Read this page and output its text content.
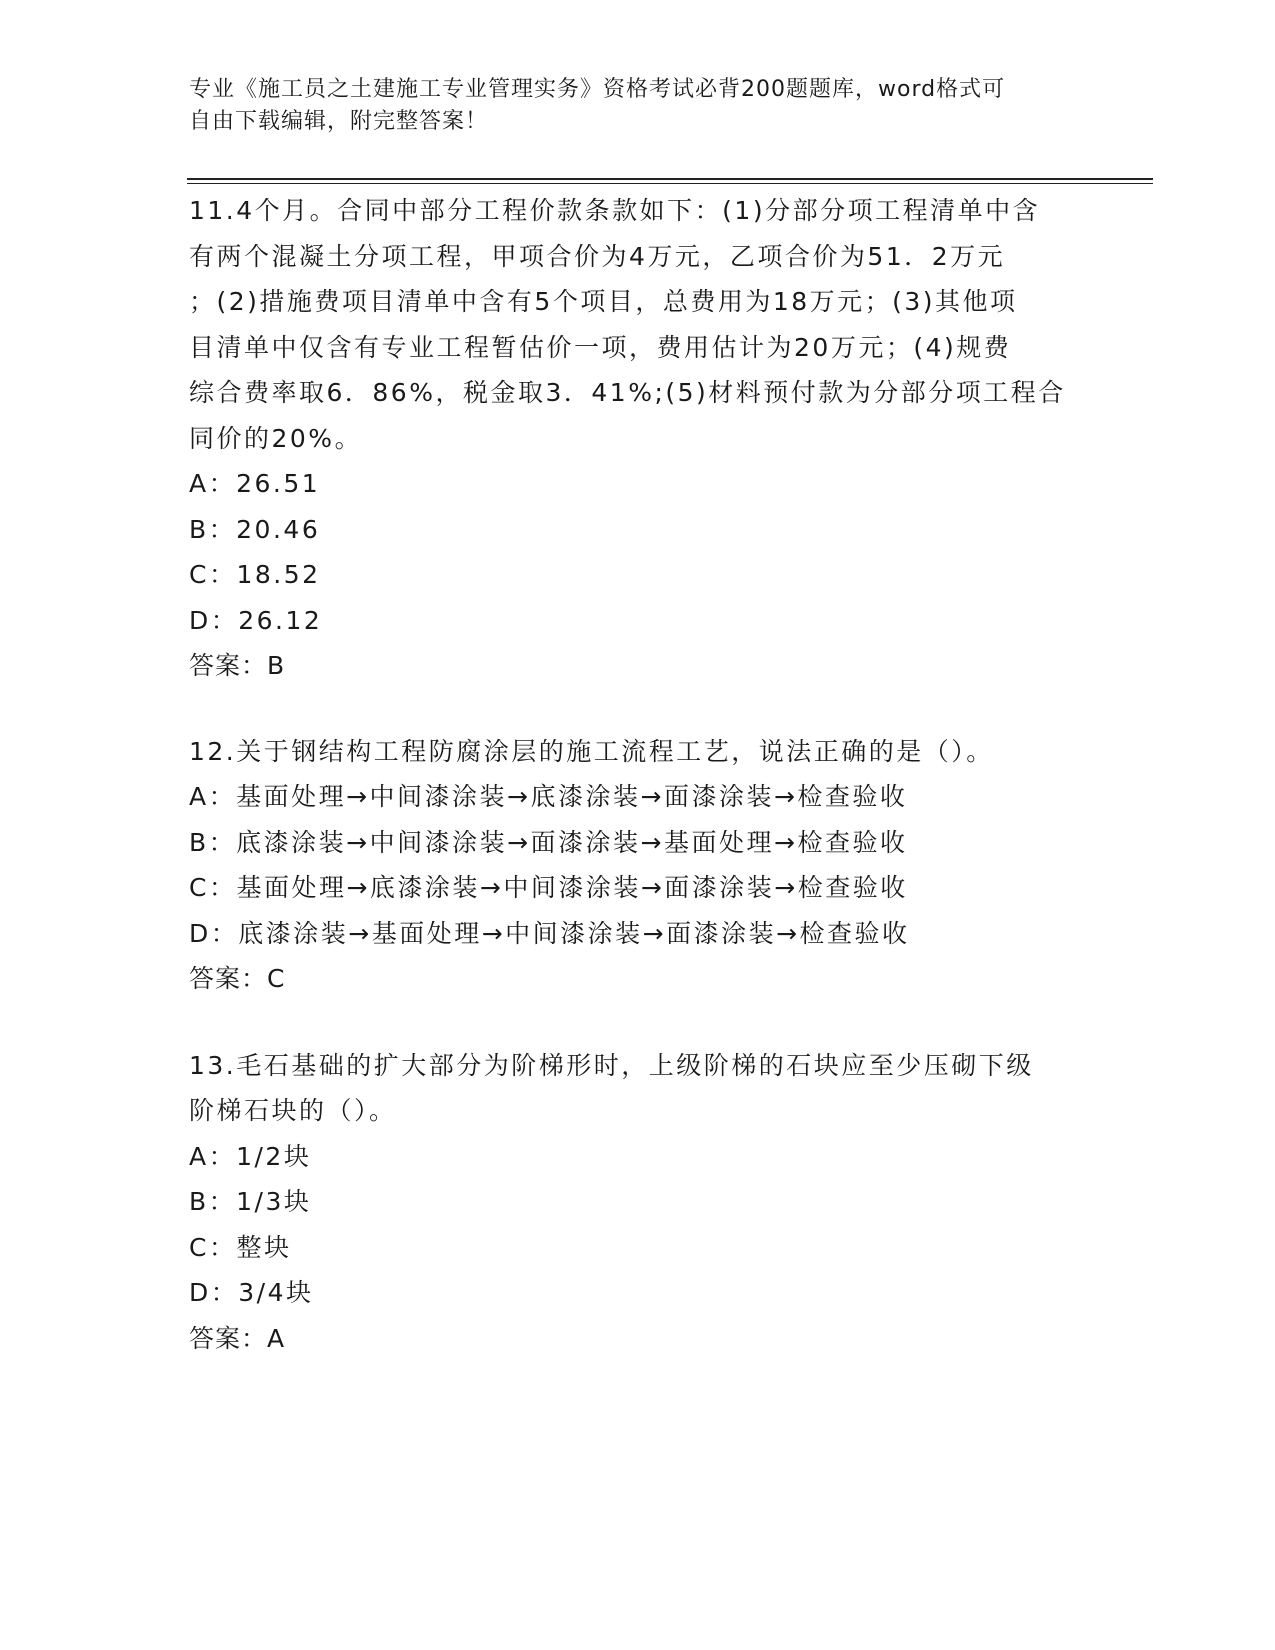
专业《施工员之土建施工专业管理实务》资格考试必背200题题库，word格式可
自由下载编辑，附完整答案！

11.4个月。合同中部分工程价款条款如下：(1)分部分项工程清单中含

有两个混凝土分项工程，甲项合价为4万元，乙项合价为51．2万元

；(2)措施费项目清单中含有5个项目，总费用为18万元；(3)其他项

目清单中仅含有专业工程暂估价一项，费用估计为20万元；(4)规费

综合费率取6．86%，税金取3．41%;(5)材料预付款为分部分项工程合

同价的20%。

A：26.51

B：20.46

C：18.52

D：26.12

答案：B

12.关于钢结构工程防腐涂层的施工流程工艺，说法正确的是（）。

A：基面处理→中间漆涂装→底漆涂装→面漆涂装→检查验收

B：底漆涂装→中间漆涂装→面漆涂装→基面处理→检查验收

C：基面处理→底漆涂装→中间漆涂装→面漆涂装→检查验收

D：底漆涂装→基面处理→中间漆涂装→面漆涂装→检查验收

答案：C

13.毛石基础的扩大部分为阶梯形时，上级阶梯的石块应至少压砌下级

阶梯石块的（）。

A：1/2块

B：1/3块

C：整块

D：3/4块

答案：A
